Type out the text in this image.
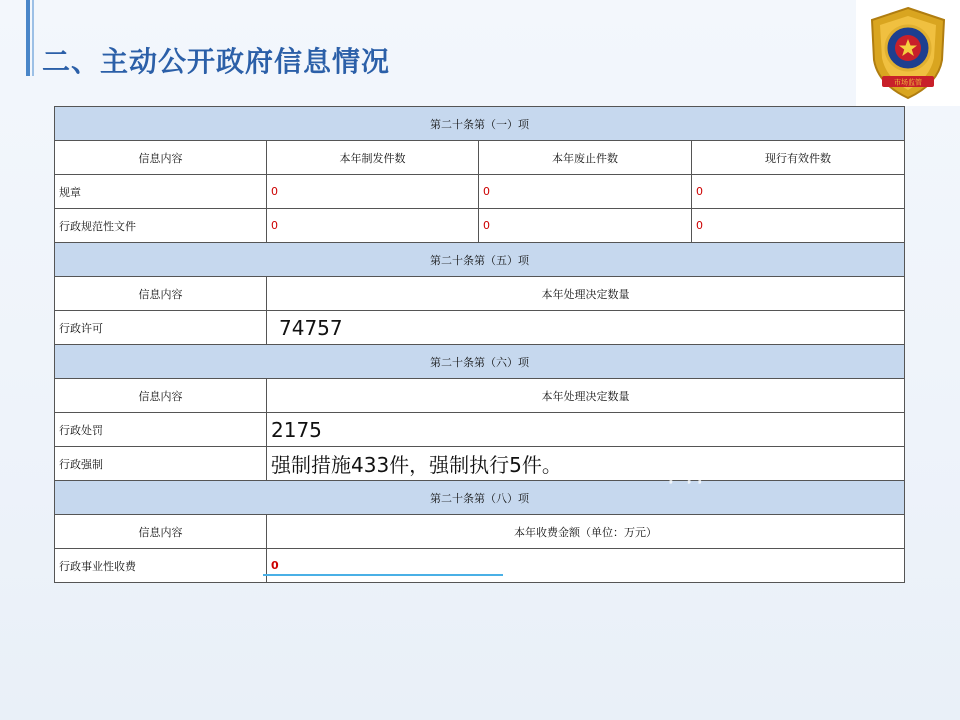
二、主动公开政府信息情况
市场监管
第二十条第（一）项			
信息内容	本年制发件数	本年废止件数	现行有效件数
规章	0	0	0
行政规范性文件	0	0	0
第二十条第（五）项			
信息内容	本年处理决定数量		
行政许可	74757		
第二十条第（六）项			
信息内容	本年处理决定数量		
行政处罚	2175		
行政强制	强制措施433件，强制执行5件。		
第二十条第（八）项			
信息内容	本年收费金额（单位：万元）		
行政事业性收费	0		
80%
企业
个体
